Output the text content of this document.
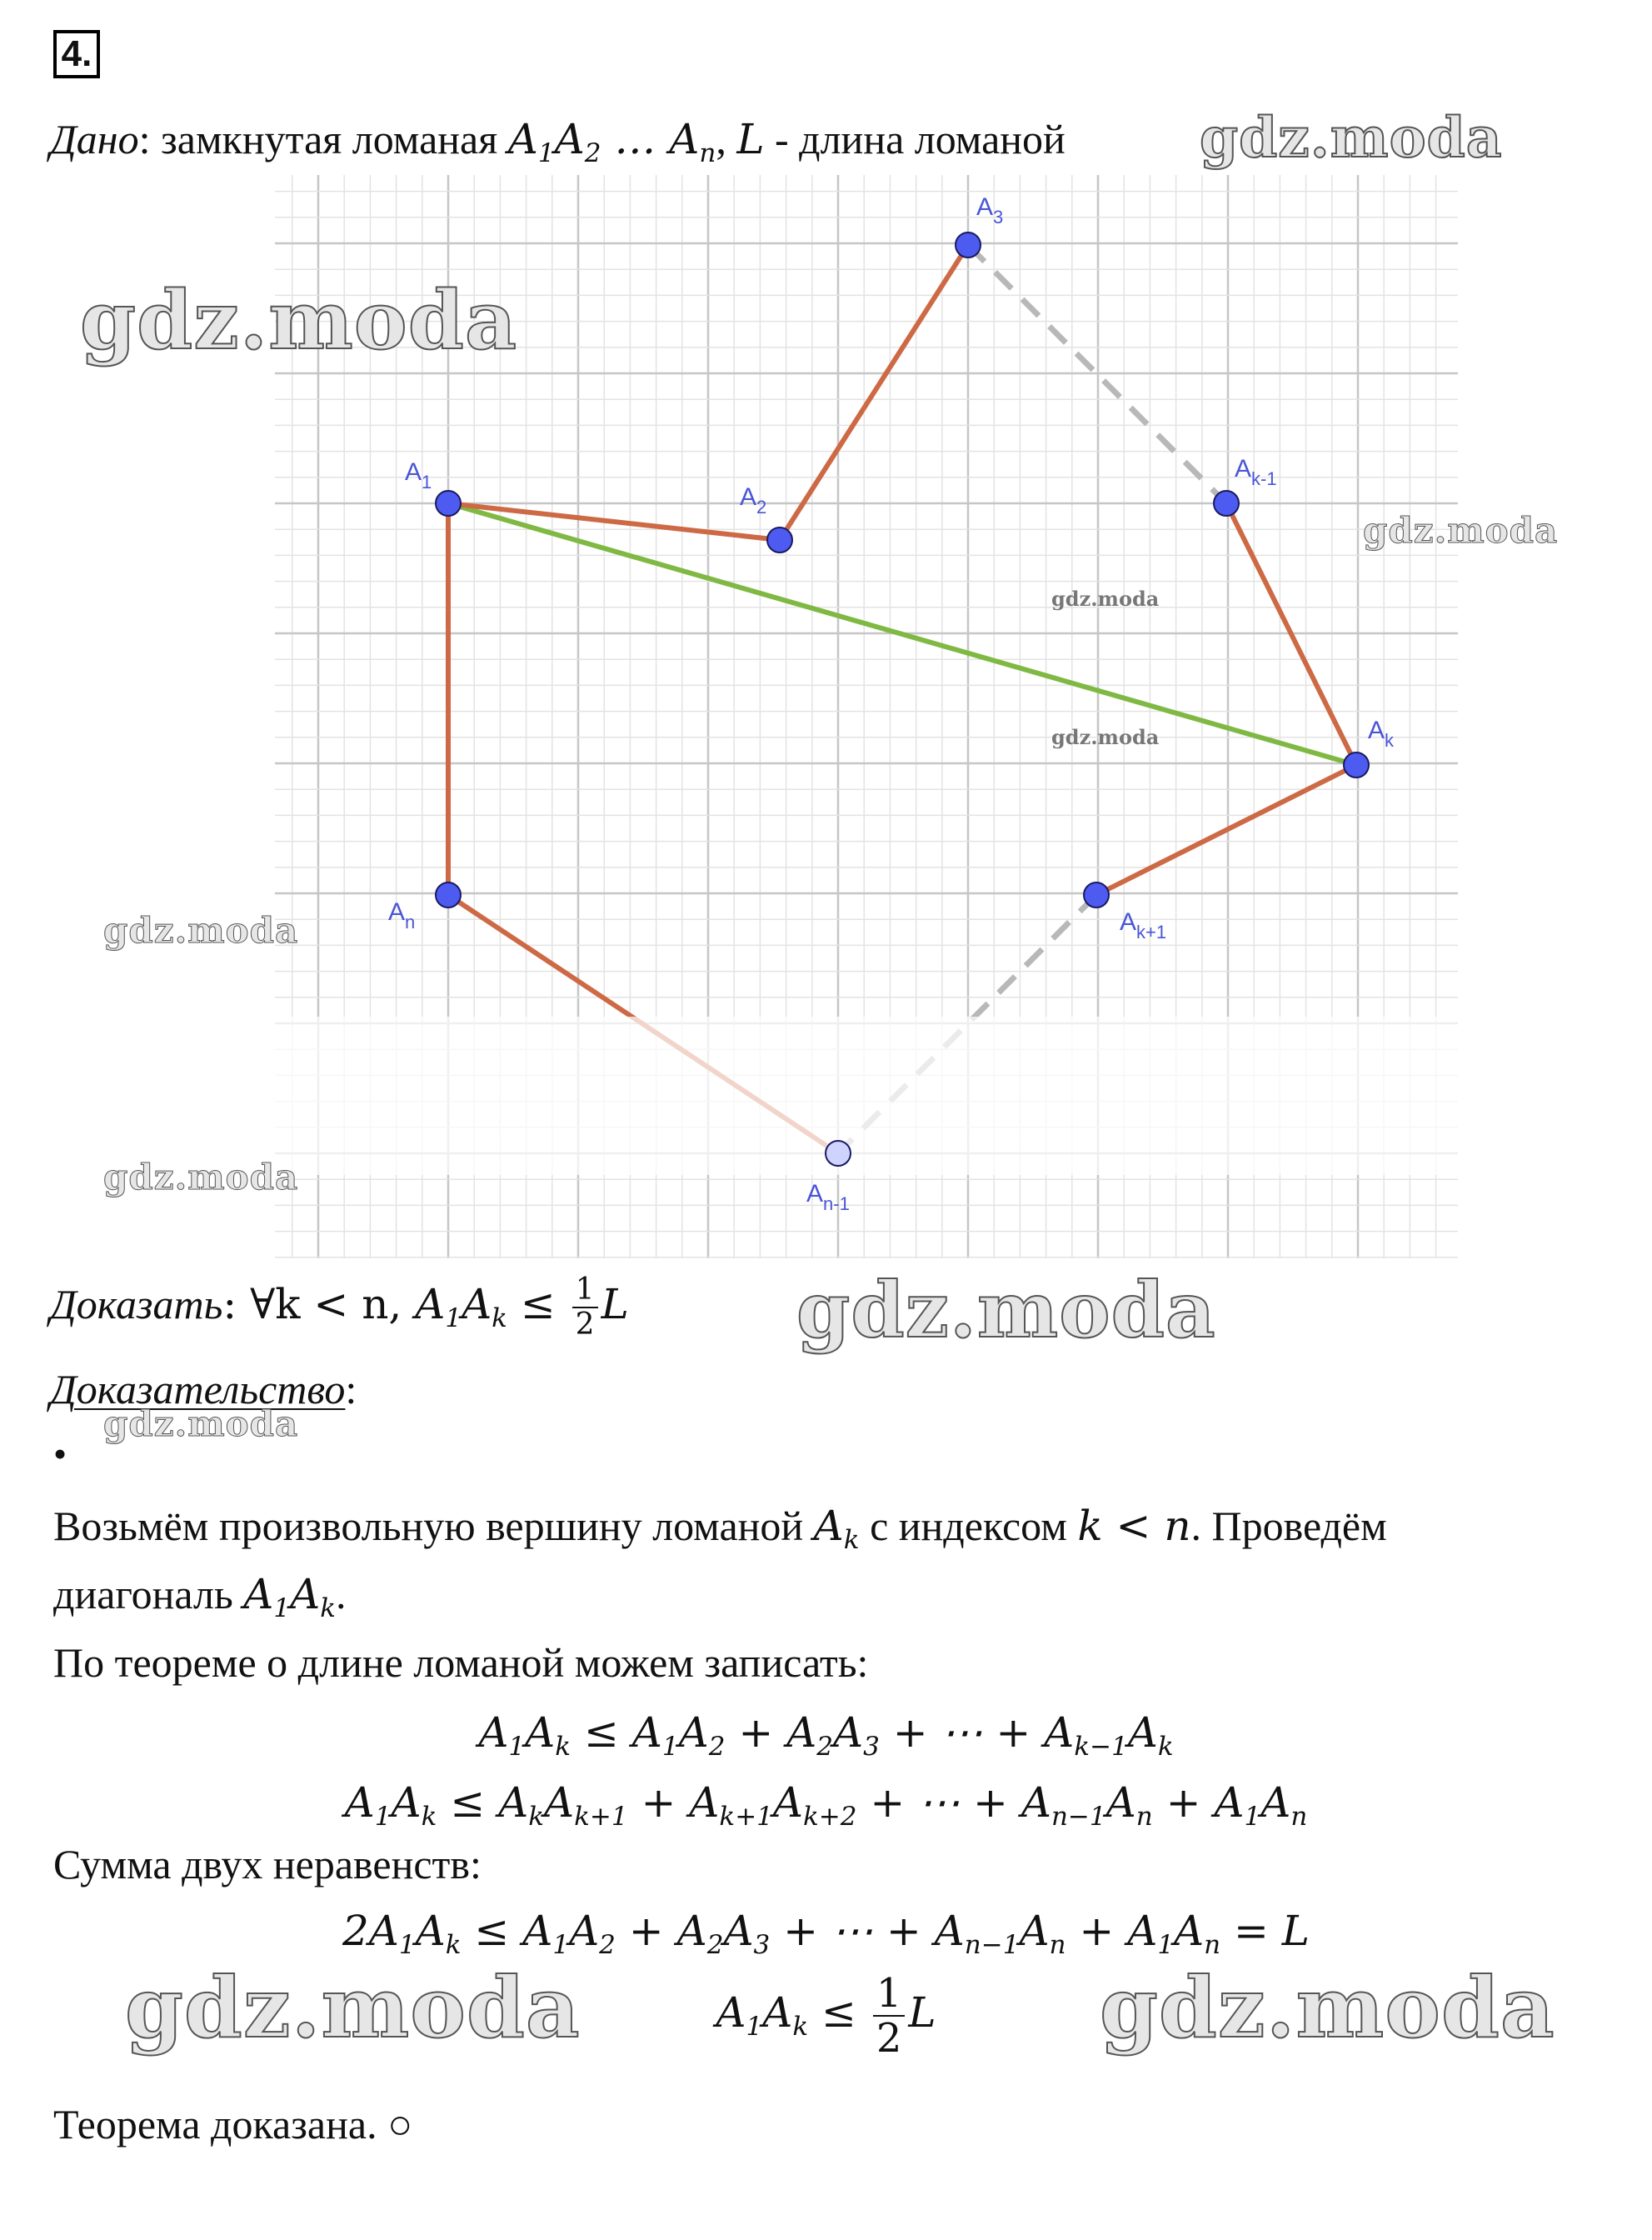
4.
Дано: замкнутая ломаная $A_1A_2$ … $A_n$, L - длина ломаной
$A_1$
$A_2$
$A_3$
$A_{k-1}$
$A_k$
$A_{k+1}$
$A_{n-1}$
$A_n$
Доказать: ∀k < n, $A_1A_k \le \frac{1}{2}$ L
Доказательство:
•
Возьмём произвольную вершину ломаной $A_k$ с индексом k < n. Проведём
диагональ $A_1A_k$.
По теореме о длине ломаной можем записать:
$A_1A_k \le A_1A_2 + A_2A_3$ + ⋯ + $A_{k-1}A_k$
$A_1A_k \le A_kA_{k+1} + A_{k+1}A_{k+2}$ + ⋯ + $A_{n-1}A_n + A_1A_n$
Сумма двух неравенств:
$2A_1A_k \le A_1A_2 + A_2A_3$ + ⋯ + $A_{n-1}A_n + A_1A_n = L$
$A_1A_k \le \frac{1}{2}$ L
Теорема доказана. ○
gdz.moda
gdz.moda
gdz.moda
gdz.moda
gdz.moda
gdz.moda
gdz.moda
gdz.moda
gdz.moda
gdz.moda	gdz.moda
